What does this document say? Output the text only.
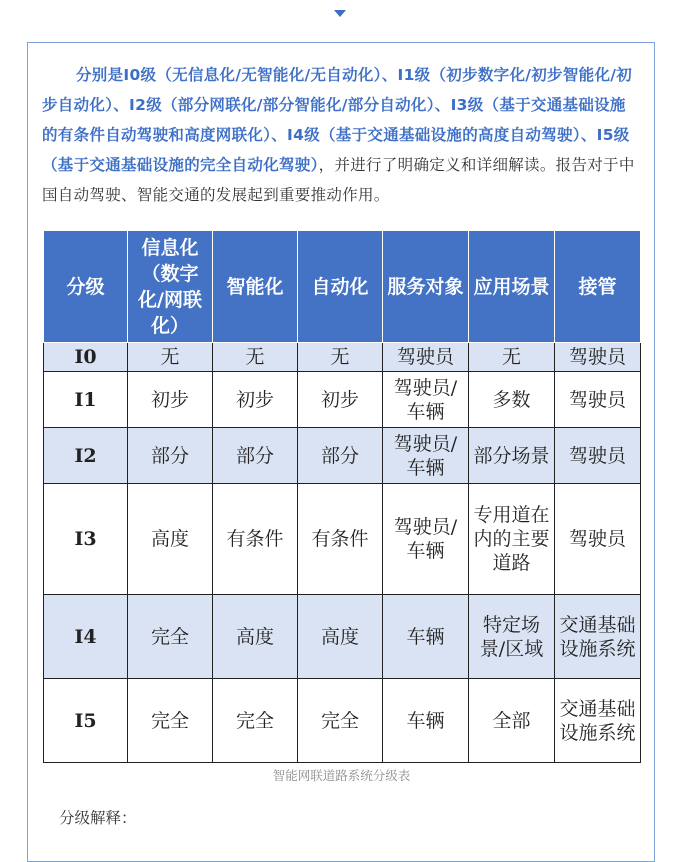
分别是I0级（无信息化/无智能化/无自动化）、I1级（初步数字化/初步智能化/初步自动化）、I2级（部分网联化/部分智能化/部分自动化）、I3级（基于交通基础设施的有条件自动驾驶和高度网联化）、I4级（基于交通基础设施的高度自动驾驶）、I5级（基于交通基础设施的完全自动化驾驶），并进行了明确定义和详细解读。报告对于中国自动驾驶、智能交通的发展起到重要推动作用。

分级	信息化（数字化/网联化）	智能化	自动化	服务对象	应用场景	接管
I0	无	无	无	驾驶员	无	驾驶员
I1	初步	初步	初步	驾驶员/车辆	多数	驾驶员
I2	部分	部分	部分	驾驶员/车辆	部分场景	驾驶员
I3	高度	有条件	有条件	驾驶员/车辆	专用道在内的主要道路	驾驶员
I4	完全	高度	高度	车辆	特定场景/区域	交通基础设施系统
I5	完全	完全	完全	车辆	全部	交通基础设施系统
智能网联道路系统分级表
分级解释：
